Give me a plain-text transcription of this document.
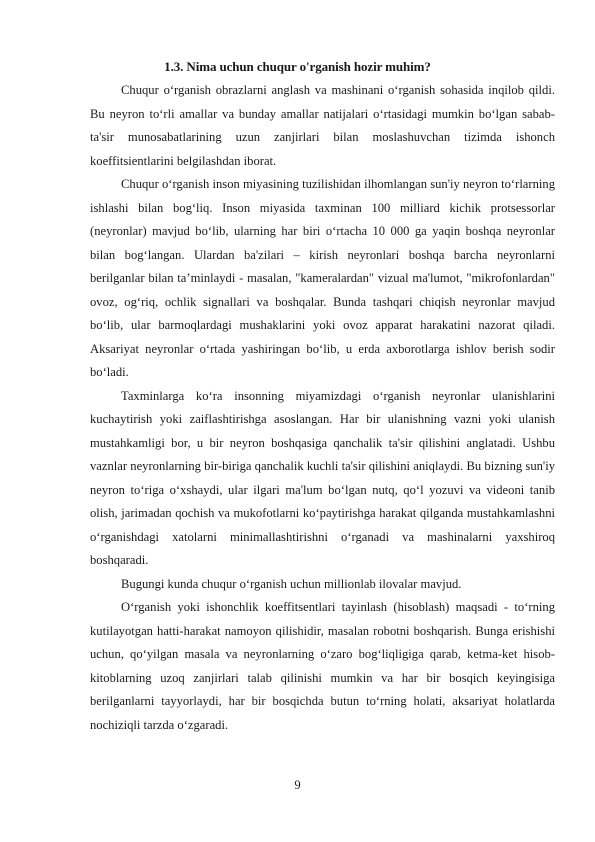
1.3. Nima uchun chuqur o'rganish hozir muhim?

Chuqur o‘rganish obrazlarni anglash va mashinani o‘rganish sohasida inqilob qildi. Bu neyron to‘rli amallar va bunday amallar natijalari o‘rtasidagi mumkin bo‘lgan sabab-ta'sir munosabatlarining uzun zanjirlari bilan moslashuvchan tizimda ishonch koeffitsientlarini belgilashdan iborat.

Chuqur o‘rganish inson miyasining tuzilishidan ilhomlangan sun'iy neyron to‘rlarning ishlashi bilan bog‘liq. Inson miyasida taxminan 100 milliard kichik protsessorlar (neyronlar) mavjud bo‘lib, ularning har biri o‘rtacha 10 000 ga yaqin boshqa neyronlar bilan bog‘langan. Ulardan ba'zilari – kirish neyronlari boshqa barcha neyronlarni berilganlar bilan ta’minlaydi - masalan, "kameralardan" vizual ma'lumot, "mikrofonlardan" ovoz, og‘riq, ochlik signallari va boshqalar. Bunda tashqari chiqish neyronlar mavjud bo‘lib, ular barmoqlardagi mushaklarini yoki ovoz apparat harakatini nazorat qiladi. Aksariyat neyronlar o‘rtada yashiringan bo‘lib, u erda axborotlarga ishlov berish sodir bo‘ladi.

Taxminlarga ko‘ra insonning miyamizdagi o‘rganish neyronlar ulanishlarini kuchaytirish yoki zaiflashtirishga asoslangan. Har bir ulanishning vazni yoki ulanish mustahkamligi bor, u bir neyron boshqasiga qanchalik ta'sir qilishini anglatadi. Ushbu vaznlar neyronlarning bir-biriga qanchalik kuchli ta'sir qilishini aniqlaydi. Bu bizning sun'iy neyron to‘riga o‘xshaydi, ular ilgari ma'lum bo‘lgan nutq, qo‘l yozuvi va videoni tanib olish, jarimadan qochish va mukofotlarni ko‘paytirishga harakat qilganda mustahkamlashni o‘rganishdagi xatolarni minimallashtirishni o‘rganadi va mashinalarni yaxshiroq boshqaradi.

Bugungi kunda chuqur o‘rganish uchun millionlab ilovalar mavjud.

O‘rganish yoki ishonchlik koeffitsentlari tayinlash (hisoblash) maqsadi - to‘rning kutilayotgan hatti-harakat namoyon qilishidir, masalan robotni boshqarish. Bunga erishishi uchun, qo‘yilgan masala va neyronlarning o‘zaro bog‘liqligiga qarab, ketma-ket hisob-kitoblarning uzoq zanjirlari talab qilinishi mumkin va har bir bosqich keyingisiga berilganlarni tayyorlaydi, har bir bosqichda butun to‘rning holati, aksariyat holatlarda nochiziqli tarzda o‘zgaradi.

9
